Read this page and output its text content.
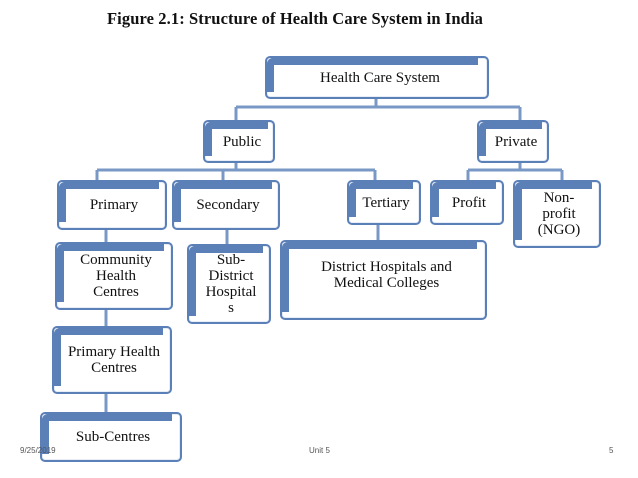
Figure 2.1: Structure of Health Care System in India
Health Care System
Public	Private
Primary	Secondary	Tertiary	Profit	Non-
profit
(NGO)
Community
Health
Centres
Sub-
District
Hospital
s
District Hospitals and
Medical Colleges
Primary Health
Centres
Sub-Centres
9/25/2019	Unit 5	5
